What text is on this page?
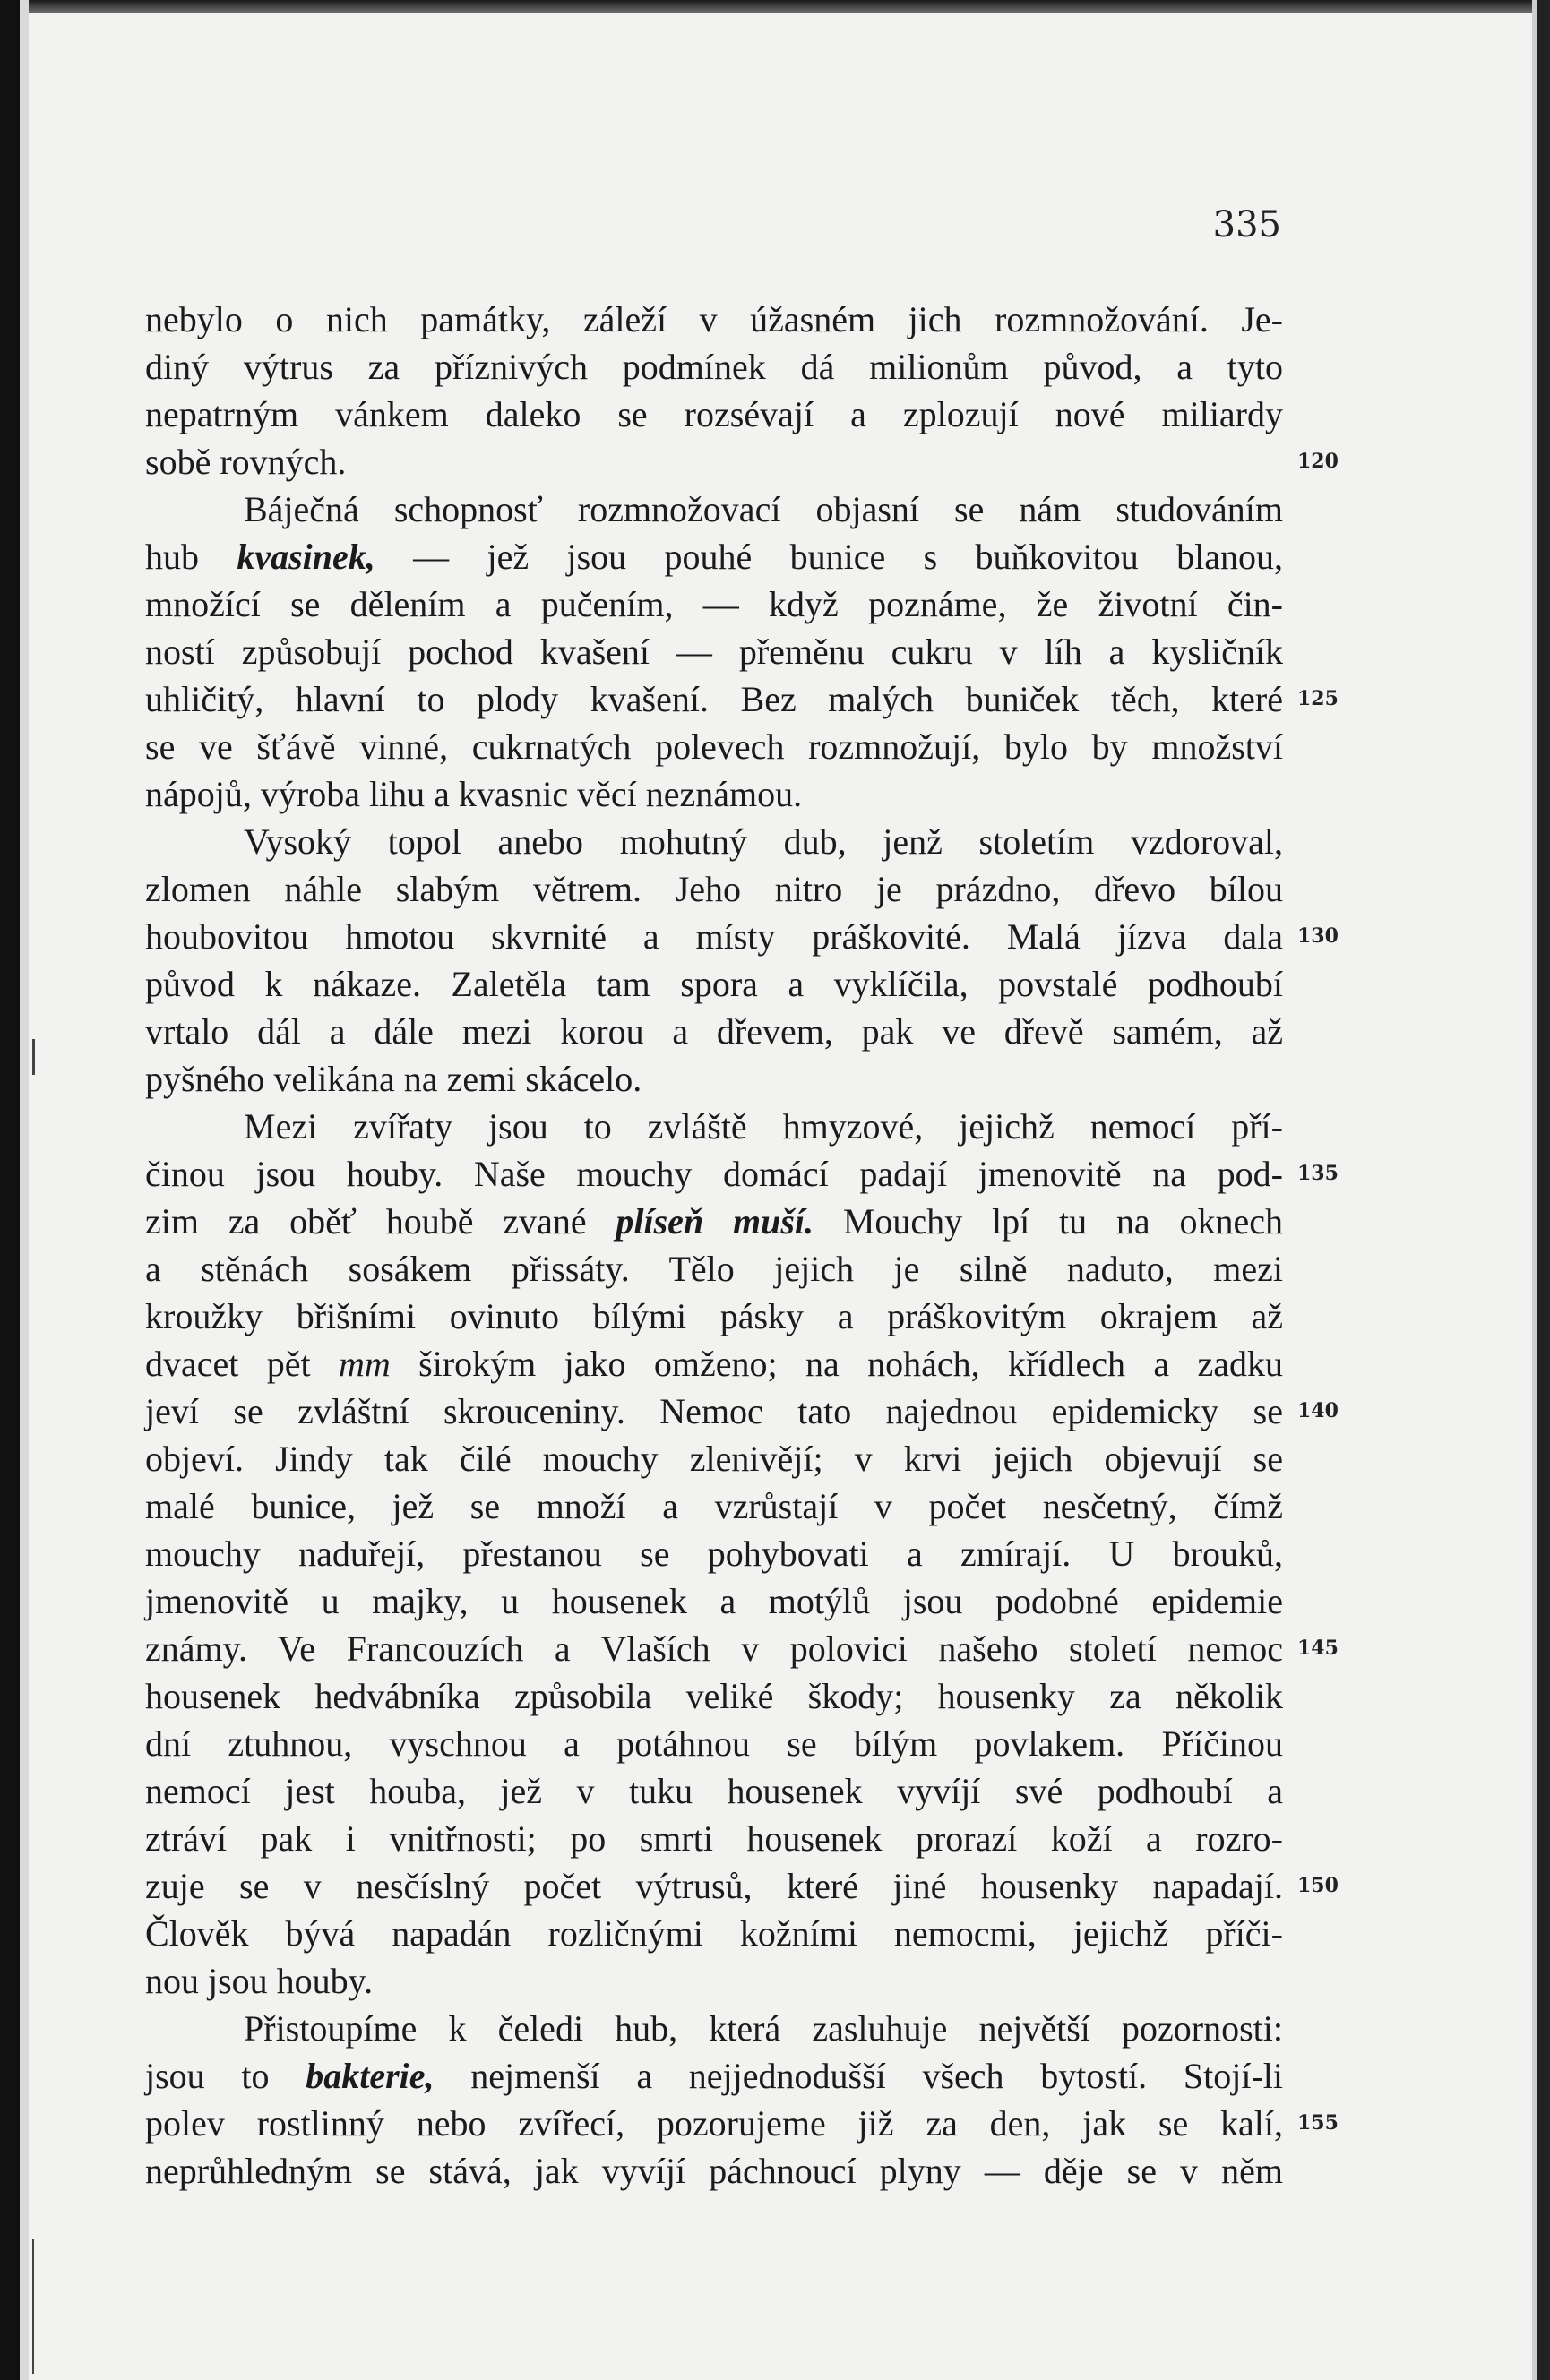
335
120
125
130
135
140
145
150
155
nebylo o nich památky, záleží v úžasném jich rozmnožování. Je-
diný výtrus za příznivých podmínek dá milionům původ, a tyto
nepatrným vánkem daleko se rozsévají a zplozují nové miliardy
sobě rovných.
Báječná schopnosť rozmnožovací objasní se nám studováním
hub kvasinek, — jež jsou pouhé bunice s buňkovitou blanou,
množící se dělením a pučením, — když poznáme, že životní čin-
ností způsobují pochod kvašení — přeměnu cukru v líh a kysličník
uhličitý, hlavní to plody kvašení. Bez malých buniček těch, které
se ve šťávě vinné, cukrnatých polevech rozmnožují, bylo by množství
nápojů, výroba lihu a kvasnic věcí neznámou.
Vysoký topol anebo mohutný dub, jenž stoletím vzdoroval,
zlomen náhle slabým větrem. Jeho nitro je prázdno, dřevo bílou
houbovitou hmotou skvrnité a místy práškovité. Malá jízva dala
původ k nákaze. Zaletěla tam spora a vyklíčila, povstalé podhoubí
vrtalo dál a dále mezi korou a dřevem, pak ve dřevě samém, až
pyšného velikána na zemi skácelo.
Mezi zvířaty jsou to zvláště hmyzové, jejichž nemocí pří-
činou jsou houby. Naše mouchy domácí padají jmenovitě na pod-
zim za oběť houbě zvané plíseň muší. Mouchy lpí tu na oknech
a stěnách sosákem přissáty. Tělo jejich je silně naduto, mezi
kroužky břišními ovinuto bílými pásky a práškovitým okrajem až
dvacet pět mm širokým jako omženo; na nohách, křídlech a zadku
jeví se zvláštní skrouceniny. Nemoc tato najednou epidemicky se
objeví. Jindy tak čilé mouchy zlenivějí; v krvi jejich objevují se
malé bunice, jež se množí a vzrůstají v počet nesčetný, čímž
mouchy naduřejí, přestanou se pohybovati a zmírají. U brouků,
jmenovitě u majky, u housenek a motýlů jsou podobné epidemie
známy. Ve Francouzích a Vlaších v polovici našeho století nemoc
housenek hedvábníka způsobila veliké škody; housenky za několik
dní ztuhnou, vyschnou a potáhnou se bílým povlakem. Příčinou
nemocí jest houba, jež v tuku housenek vyvíjí své podhoubí a
ztráví pak i vnitřnosti; po smrti housenek prorazí koží a rozro-
zuje se v nesčíslný počet výtrusů, které jiné housenky napadají.
Člověk bývá napadán rozličnými kožními nemocmi, jejichž příči-
nou jsou houby.
Přistoupíme k čeledi hub, která zasluhuje největší pozornosti:
jsou to bakterie, nejmenší a nejjednodušší všech bytostí. Stojí-li
polev rostlinný nebo zvířecí, pozorujeme již za den, jak se kalí,
neprůhledným se stává, jak vyvíjí páchnoucí plyny — děje se v něm
